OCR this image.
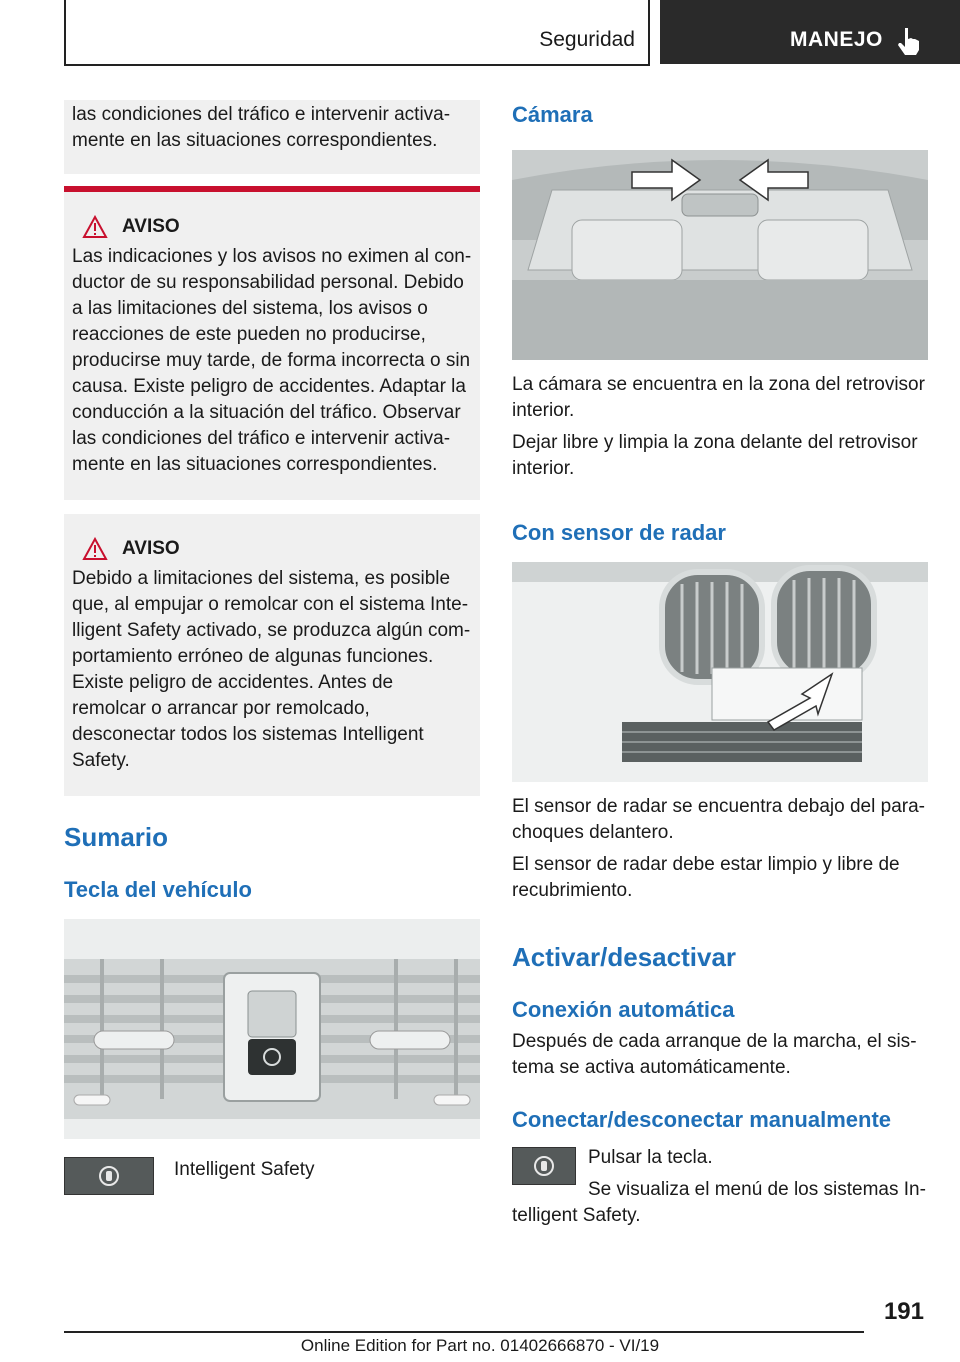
Seguridad	MANEJO

las condiciones del tráfico e intervenir activamente en las situaciones correspondientes.

AVISO

Las indicaciones y los avisos no eximen al conductor de su responsabilidad personal. Debido a las limitaciones del sistema, los avisos o reacciones de este pueden no producirse, producirse muy tarde, de forma incorrecta o sin causa. Existe peligro de accidentes. Adaptar la conducción a la situación del tráfico. Observar las condiciones del tráfico e intervenir activamente en las situaciones correspondientes.

AVISO

Debido a limitaciones del sistema, es posible que, al empujar o remolcar con el sistema Intelligent Safety activado, se produzca algún comportamiento erróneo de algunas funciones. Existe peligro de accidentes. Antes de remolcar o arrancar por remolcado, desconectar todos los sistemas Intelligent Safety.

Sumario
Tecla del vehículo
Intelligent Safety
Cámara

La cámara se encuentra en la zona del retrovisor interior.

Dejar libre y limpia la zona delante del retrovisor interior.

Con sensor de radar

El sensor de radar se encuentra debajo del parachoques delantero.

El sensor de radar debe estar limpio y libre de recubrimiento.

Activar/desactivar
Conexión automática

Después de cada arranque de la marcha, el sistema se activa automáticamente.

Conectar/desconectar manualmente

Pulsar la tecla.

Se visualiza el menú de los sistemas Intelligent Safety.

191
Online Edition for Part no. 01402666870 - VI/19
